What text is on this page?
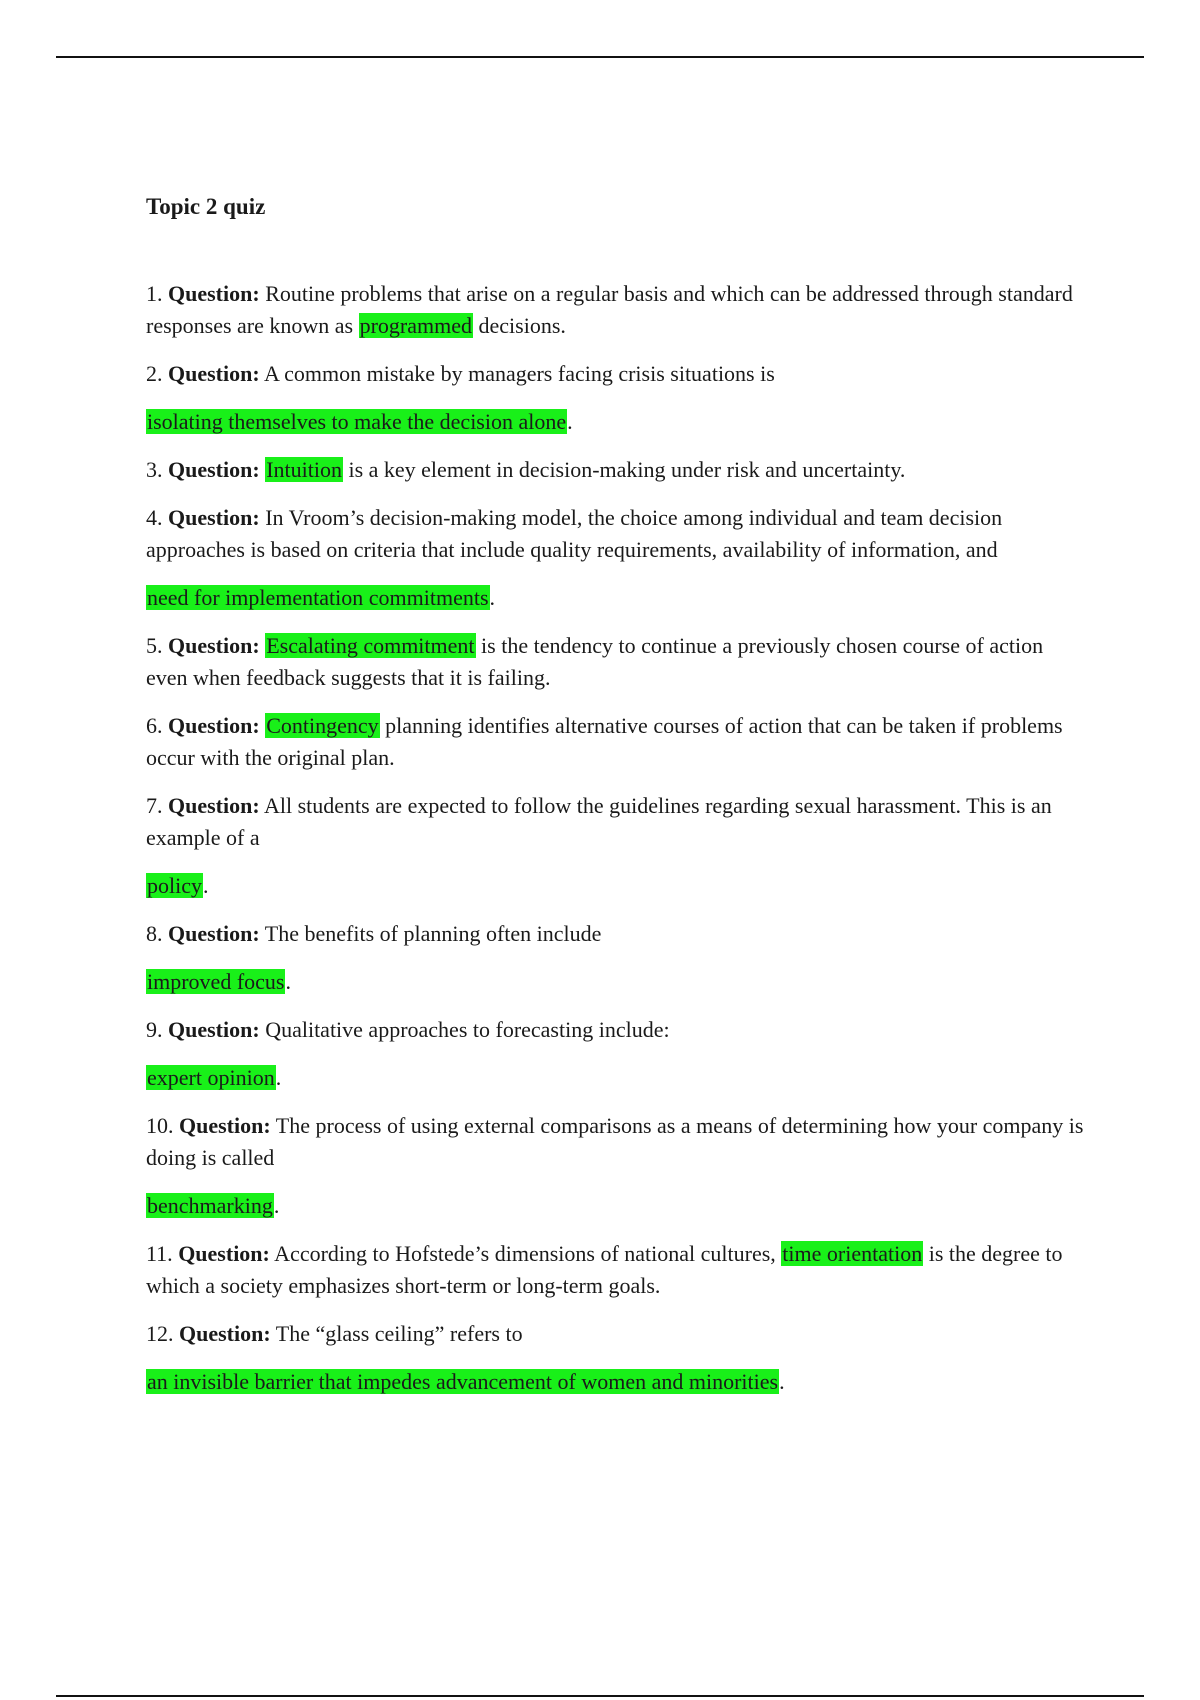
Topic 2 quiz
1. Question: Routine problems that arise on a regular basis and which can be addressed through standard responses are known as programmed decisions.
2. Question: A common mistake by managers facing crisis situations is
isolating themselves to make the decision alone.
3. Question: Intuition is a key element in decision-making under risk and uncertainty.
4. Question: In Vroom’s decision-making model, the choice among individual and team decision approaches is based on criteria that include quality requirements, availability of information, and
need for implementation commitments.
5. Question: Escalating commitment is the tendency to continue a previously chosen course of action even when feedback suggests that it is failing.
6. Question: Contingency planning identifies alternative courses of action that can be taken if problems occur with the original plan.
7. Question: All students are expected to follow the guidelines regarding sexual harassment. This is an example of a
policy.
8. Question: The benefits of planning often include
improved focus.
9. Question: Qualitative approaches to forecasting include:
expert opinion.
10. Question: The process of using external comparisons as a means of determining how your company is doing is called
benchmarking.
11. Question: According to Hofstede’s dimensions of national cultures, time orientation is the degree to which a society emphasizes short-term or long-term goals.
12. Question: The “glass ceiling” refers to
an invisible barrier that impedes advancement of women and minorities.
